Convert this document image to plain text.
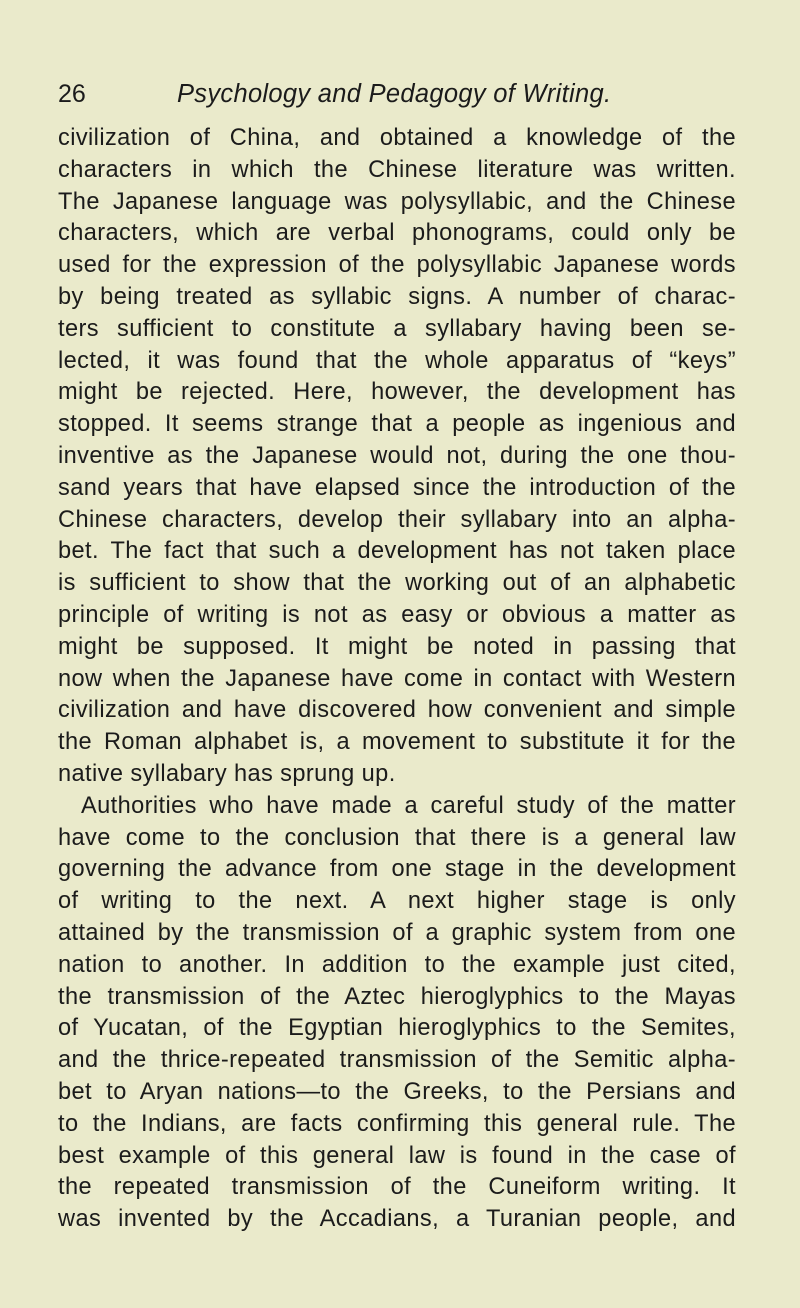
26	Psychology and Pedagogy of Writing.
civilization of China, and obtained a knowledge of the
characters in which the Chinese literature was written.
The Japanese language was polysyllabic, and the Chinese
characters, which are verbal phonograms, could only be
used for the expression of the polysyllabic Japanese words
by being treated as syllabic signs. A number of charac-
ters sufficient to constitute a syllabary having been se-
lected, it was found that the whole apparatus of “keys”
might be rejected. Here, however, the development has
stopped. It seems strange that a people as ingenious and
inventive as the Japanese would not, during the one thou-
sand years that have elapsed since the introduction of the
Chinese characters, develop their syllabary into an alpha-
bet. The fact that such a development has not taken place
is sufficient to show that the working out of an alphabetic
principle of writing is not as easy or obvious a matter as
might be supposed. It might be noted in passing that
now when the Japanese have come in contact with Western
civilization and have discovered how convenient and simple
the Roman alphabet is, a movement to substitute it for the
native syllabary has sprung up.
Authorities who have made a careful study of the matter
have come to the conclusion that there is a general law
governing the advance from one stage in the development
of writing to the next. A next higher stage is only
attained by the transmission of a graphic system from one
nation to another. In addition to the example just cited,
the transmission of the Aztec hieroglyphics to the Mayas
of Yucatan, of the Egyptian hieroglyphics to the Semites,
and the thrice-repeated transmission of the Semitic alpha-
bet to Aryan nations—to the Greeks, to the Persians and
to the Indians, are facts confirming this general rule. The
best example of this general law is found in the case of
the repeated transmission of the Cuneiform writing. It
was invented by the Accadians, a Turanian people, and
